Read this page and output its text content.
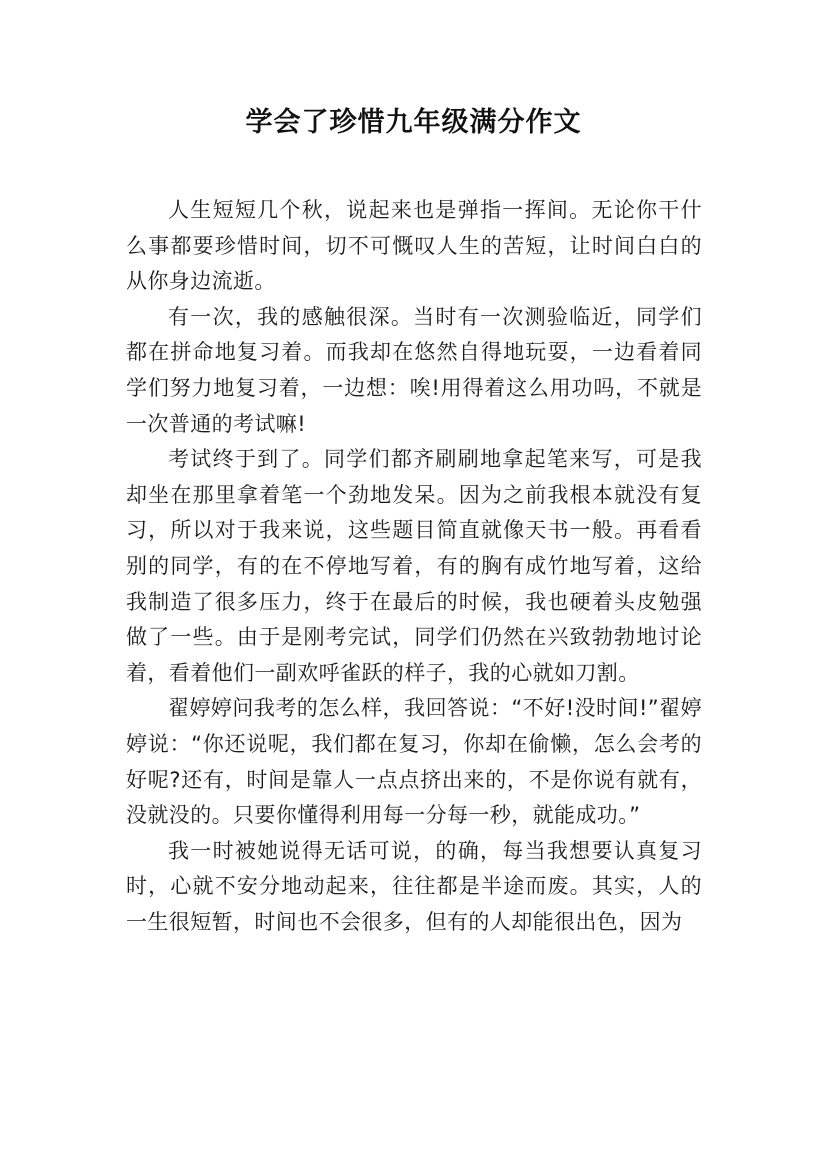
学会了珍惜九年级满分作文

人生短短几个秋，说起来也是弹指一挥间。无论你干什么事都要珍惜时间，切不可慨叹人生的苦短，让时间白白的从你身边流逝。

有一次，我的感触很深。当时有一次测验临近，同学们都在拼命地复习着。而我却在悠然自得地玩耍，一边看着同学们努力地复习着，一边想：唉!用得着这么用功吗，不就是一次普通的考试嘛!

考试终于到了。同学们都齐刷刷地拿起笔来写，可是我却坐在那里拿着笔一个劲地发呆。因为之前我根本就没有复习，所以对于我来说，这些题目简直就像天书一般。再看看别的同学，有的在不停地写着，有的胸有成竹地写着，这给我制造了很多压力，终于在最后的时候，我也硬着头皮勉强做了一些。由于是刚考完试，同学们仍然在兴致勃勃地讨论着，看着他们一副欢呼雀跃的样子，我的心就如刀割。

翟婷婷问我考的怎么样，我回答说：“不好!没时间!”翟婷婷说：“你还说呢，我们都在复习，你却在偷懒，怎么会考的好呢?还有，时间是靠人一点点挤出来的，不是你说有就有，没就没的。只要你懂得利用每一分每一秒，就能成功。”

我一时被她说得无话可说，的确，每当我想要认真复习时，心就不安分地动起来，往往都是半途而废。其实，人的一生很短暂，时间也不会很多，但有的人却能很出色，因为
